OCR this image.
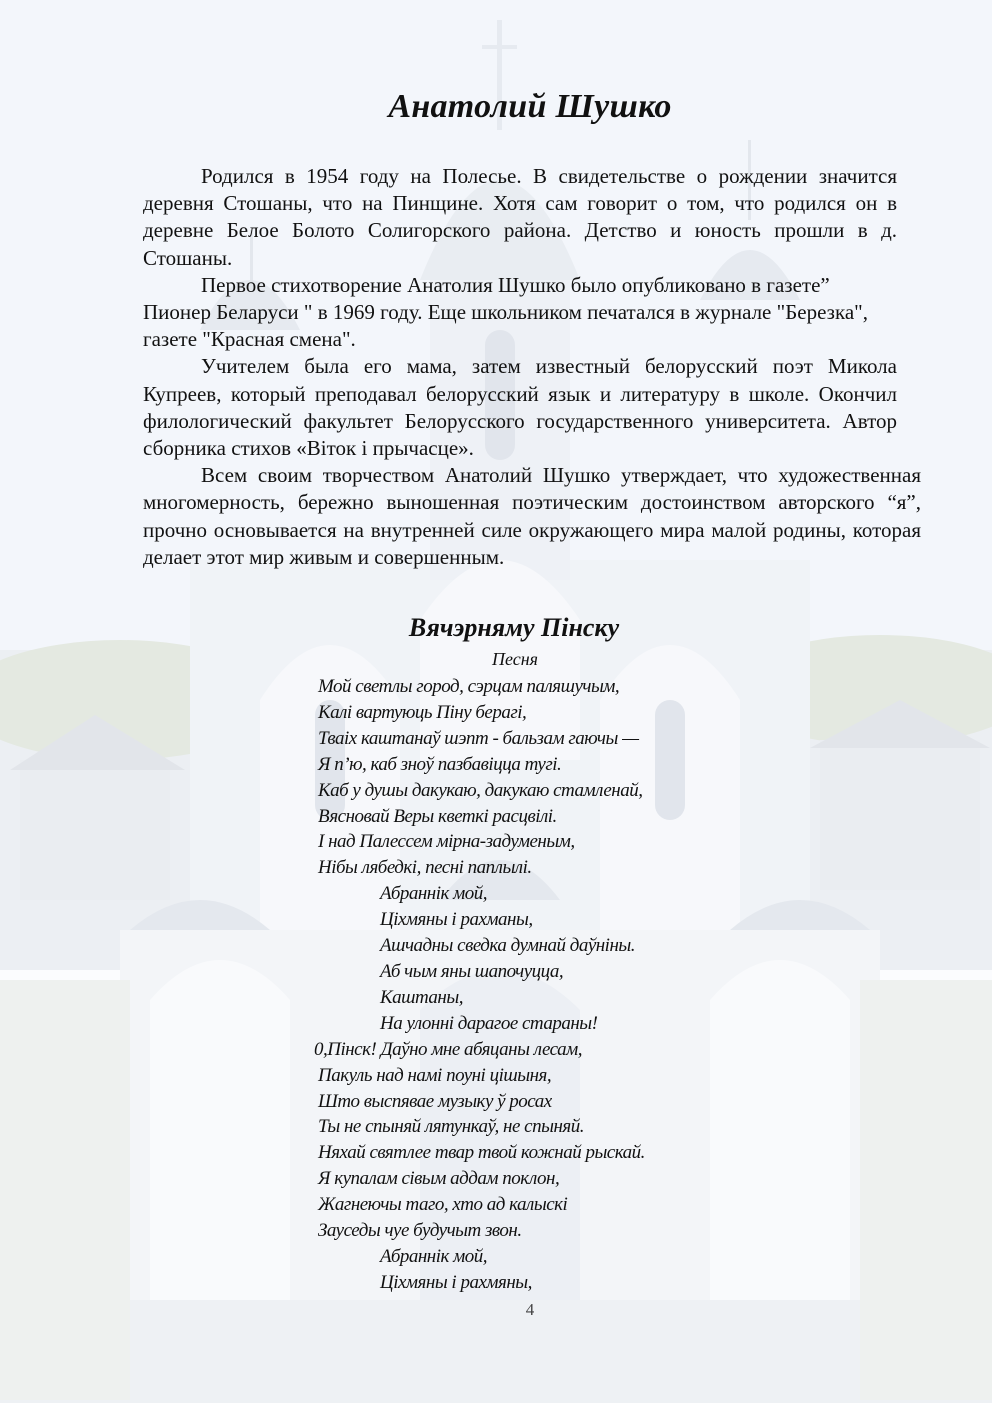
Анатолий Шушко

Родился в 1954 году на Полесье. В свидетельстве о рождении значится деревня Стошаны, что на Пинщине. Хотя сам говорит о том, что родился он в деревне Белое Болото Солигорского района. Детство и юность прошли в д. Стошаны.

Первое стихотворение Анатолия Шушко было опубликовано в газете” Пионер Беларуси " в 1969 году. Еще школьником печатался в журнале "Березка", газете "Красная смена".

Учителем была его мама, затем известный белорусский поэт Микола Купреев, который преподавал белорусский язык и литературу в школе. Окончил филологический факультет Белорусского государственного университета. Автор сборника стихов «Віток і прычасце».

Всем своим творчеством Анатолий Шушко утверждает, что художественная многомерность, бережно выношенная поэтическим достоинством авторского “я”, прочно основывается на внутренней силе окружающего мира малой родины, которая делает этот мир живым и совершенным.

Вячэрняму Пінску
Песня
Мой светлы город, сэрцам паляшучым,
Калі вартуюць Піну берагі,
Тваіх каштанаў шэпт - бальзам гаючы —
Я п’ю, каб зноў пазбавіцца тугі.
Каб у душы дакукаю, дакукаю стамленай,
Вясновай Веры кветкі расцвілі.
І над Палессем мірна-задуменым,
Нібы лябедкі, песні паплылі.
Абраннік мой,
Ціхмяны і рахманы,
Ашчадны сведка думнай даўніны.
Аб чым яны шапочуцца,
Каштаны,
На улонні дарагое стараны!
0,Пінск! Даўно мне абяцаны лесам,
Пакуль над намі поуні цішыня,
Што выспявае музыку ў росах
Ты не спыняй лятункаў, не спыняй.
Няхай святлее твар твой кожнай рыскай.
Я купалам сівым аддам поклон,
Жагнеючы таго, хто ад калыскі
Зауседы чуе будучыт звон.
Абраннік мой,
Ціхмяны і рахмяны,
4
